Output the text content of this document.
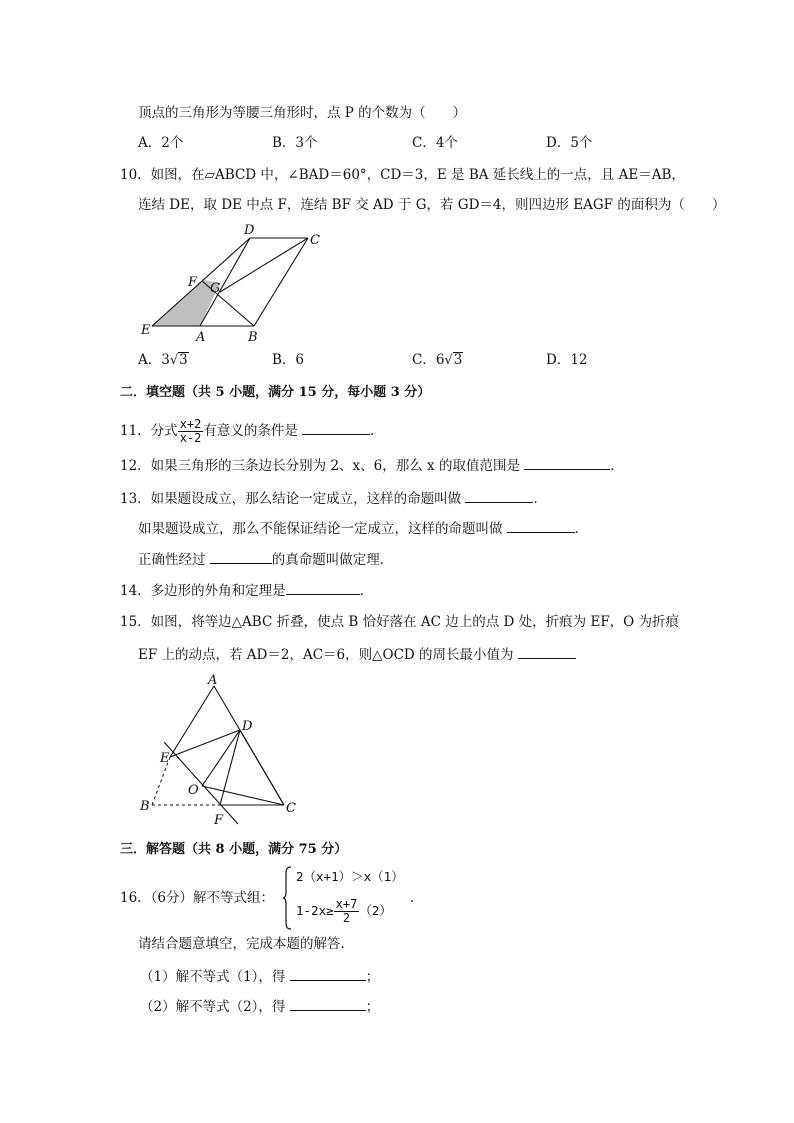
顶点的三角形为等腰三角形时，点 P 的个数为（　　）
A．2个	B．3个	C．4个	D．5个
10．如图，在▱ABCD 中，∠BAD＝60°，CD＝3，E 是 BA 延长线上的一点，且 AE＝AB，
连结 DE，取 DE 中点 F，连结 BF 交 AD 于 G，若 GD＝4，则四边形 EAGF 的面积为（　　）
D
C
F G
E	A	B
A．3√3	B．6	C．6√3	D．12
二．填空题（共 5 小题，满分 15 分，每小题 3 分）
11．分式 $\frac{x+2}{x-2}$ 有意义的条件是	．
12．如果三角形的三条边长分别为 2、x、6，那么 x 的取值范围是	．
13．如果题设成立，那么结论一定成立，这样的命题叫做	．
如果题设成立，那么不能保证结论一定成立，这样的命题叫做	．
正确性经过	的真命题叫做定理．
14．多边形的外角和定理是	．
15．如图，将等边△ABC 折叠，使点 B 恰好落在 AC 边上的点 D 处，折痕为 EF，O 为折痕
EF 上的动点，若 AD＝2，AC＝6，则△OCD 的周长最小值为
A
D
E
O
B
F
C
三．解答题（共 8 小题，满分 75 分）
16．（6分）解不等式组：
2（x+1）＞x（1）
$1-2x\ge \frac{x+7}{2} (2)$
．
请结合题意填空，完成本题的解答．
（1）解不等式（1），得	；
（2）解不等式（2），得	；
